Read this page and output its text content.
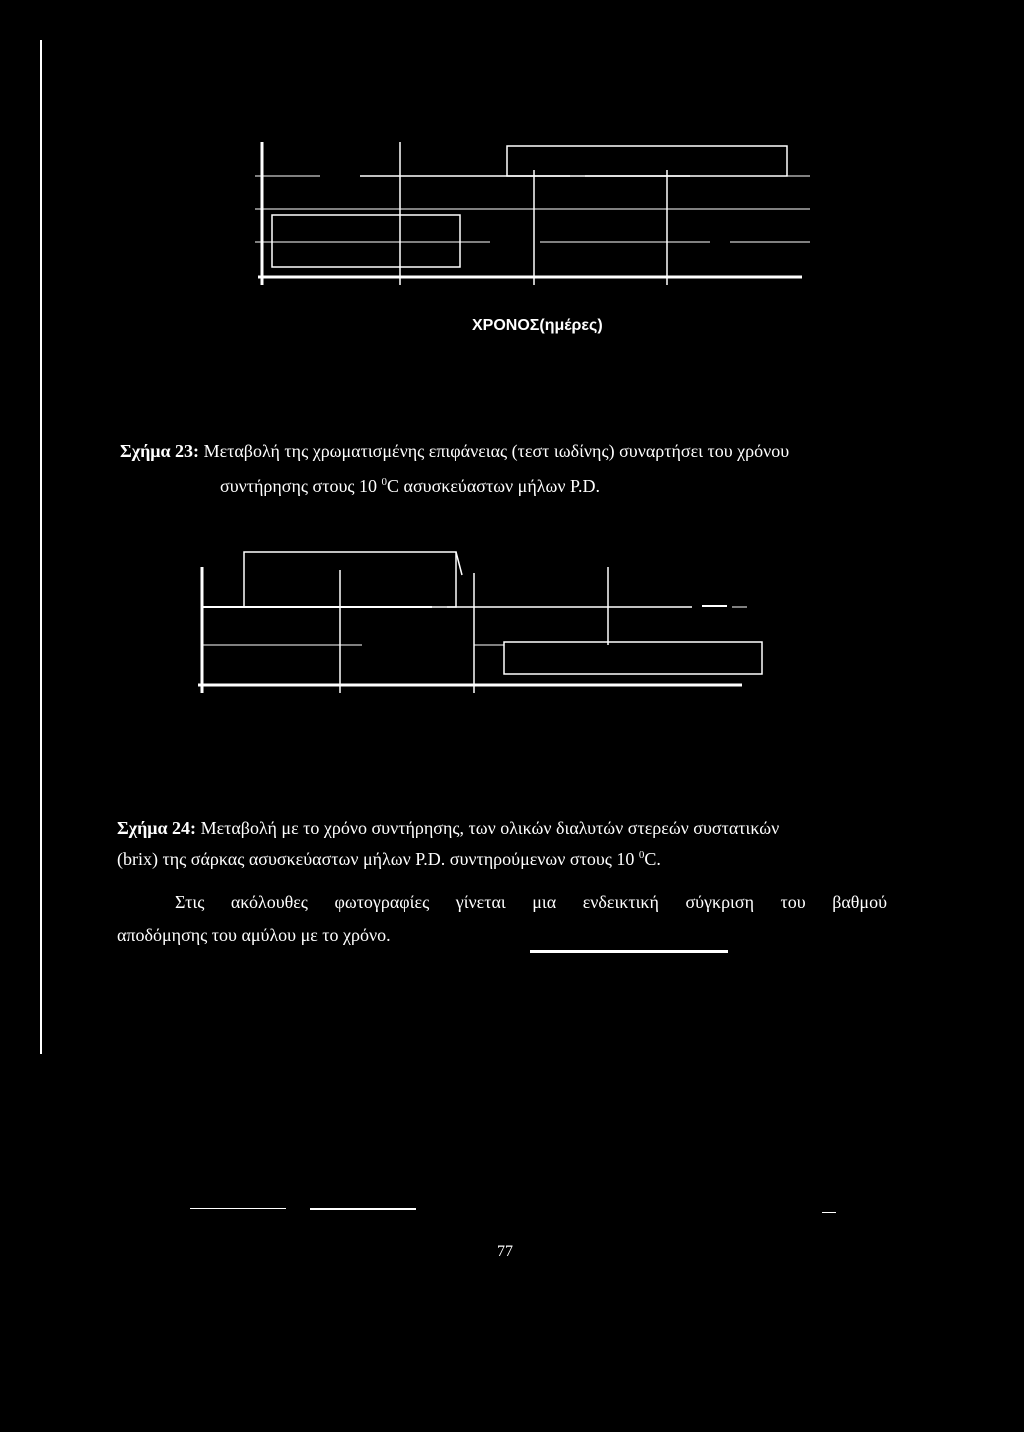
ΧΡΟΝΟΣ(ημέρες)
Σχήμα 23: Μεταβολή της χρωματισμένης επιφάνειας (τεστ ιωδίνης) συναρτήσει του χρόνου
συντήρησης στους 10 $^0$C ασυσκεύαστων μήλων P.D.
Σχήμα 24: Μεταβολή με το χρόνο συντήρησης, των ολικών διαλυτών στερεών συστατικών
(brix) της σάρκας ασυσκεύαστων μήλων P.D. συντηρούμενων στους 10 $^0$C.
Στις ακόλουθες φωτογραφίες γίνεται μια ενδεικτική σύγκριση του βαθμού
αποδόμησης του αμύλου με το χρόνο.
77
